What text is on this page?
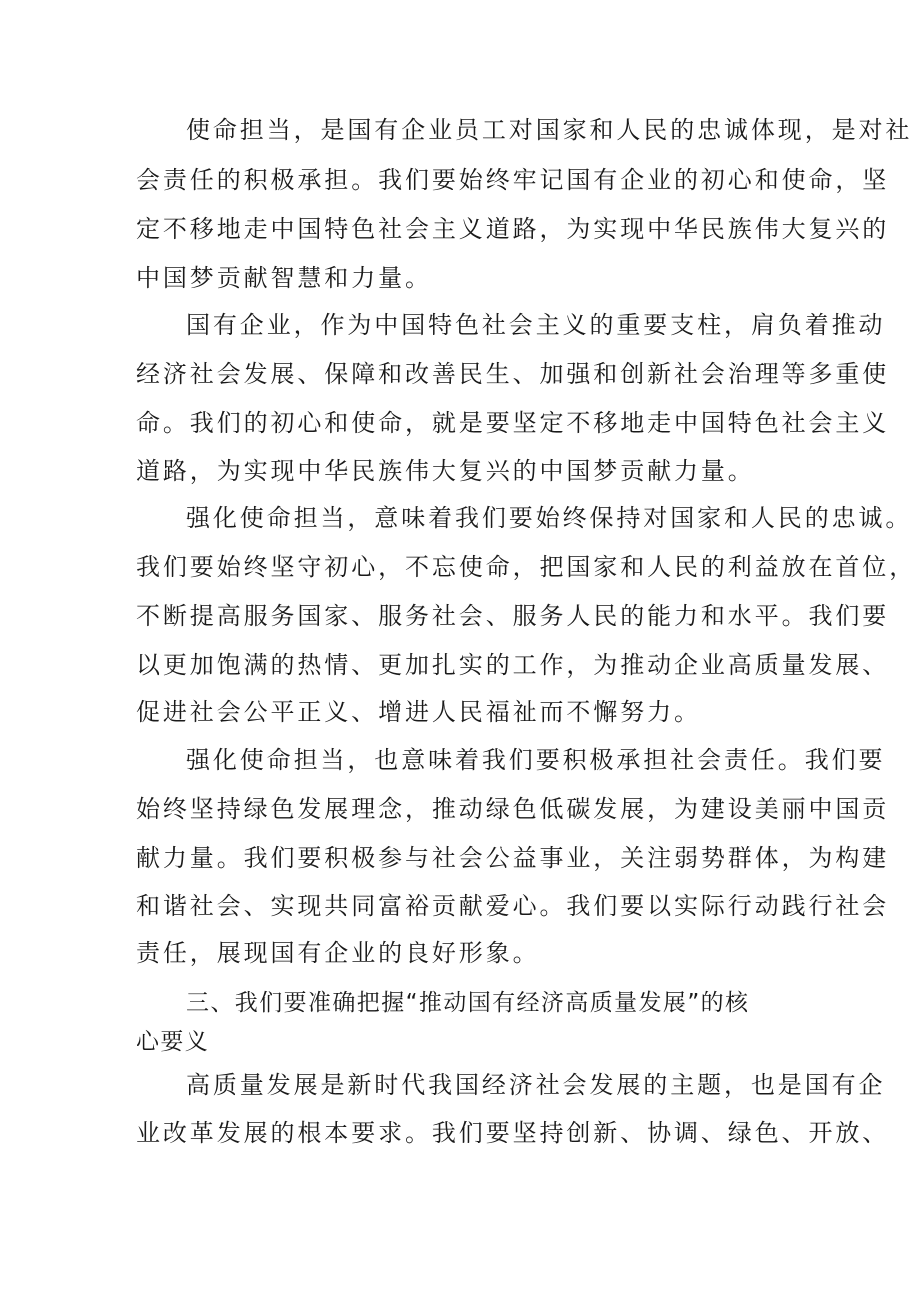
使命担当，是国有企业员工对国家和人民的忠诚体现，是对社
会责任的积极承担。我们要始终牢记国有企业的初心和使命，坚
定不移地走中国特色社会主义道路，为实现中华民族伟大复兴的
中国梦贡献智慧和力量。
国有企业，作为中国特色社会主义的重要支柱，肩负着推动
经济社会发展、保障和改善民生、加强和创新社会治理等多重使
命。我们的初心和使命，就是要坚定不移地走中国特色社会主义
道路，为实现中华民族伟大复兴的中国梦贡献力量。
强化使命担当，意味着我们要始终保持对国家和人民的忠诚。
我们要始终坚守初心，不忘使命，把国家和人民的利益放在首位，
不断提高服务国家、服务社会、服务人民的能力和水平。我们要
以更加饱满的热情、更加扎实的工作，为推动企业高质量发展、
促进社会公平正义、增进人民福祉而不懈努力。
强化使命担当，也意味着我们要积极承担社会责任。我们要
始终坚持绿色发展理念，推动绿色低碳发展，为建设美丽中国贡
献力量。我们要积极参与社会公益事业，关注弱势群体，为构建
和谐社会、实现共同富裕贡献爱心。我们要以实际行动践行社会
责任，展现国有企业的良好形象。
三、我们要准确把握“推动国有经济高质量发展”的核
心要义
高质量发展是新时代我国经济社会发展的主题，也是国有企
业改革发展的根本要求。我们要坚持创新、协调、绿色、开放、
